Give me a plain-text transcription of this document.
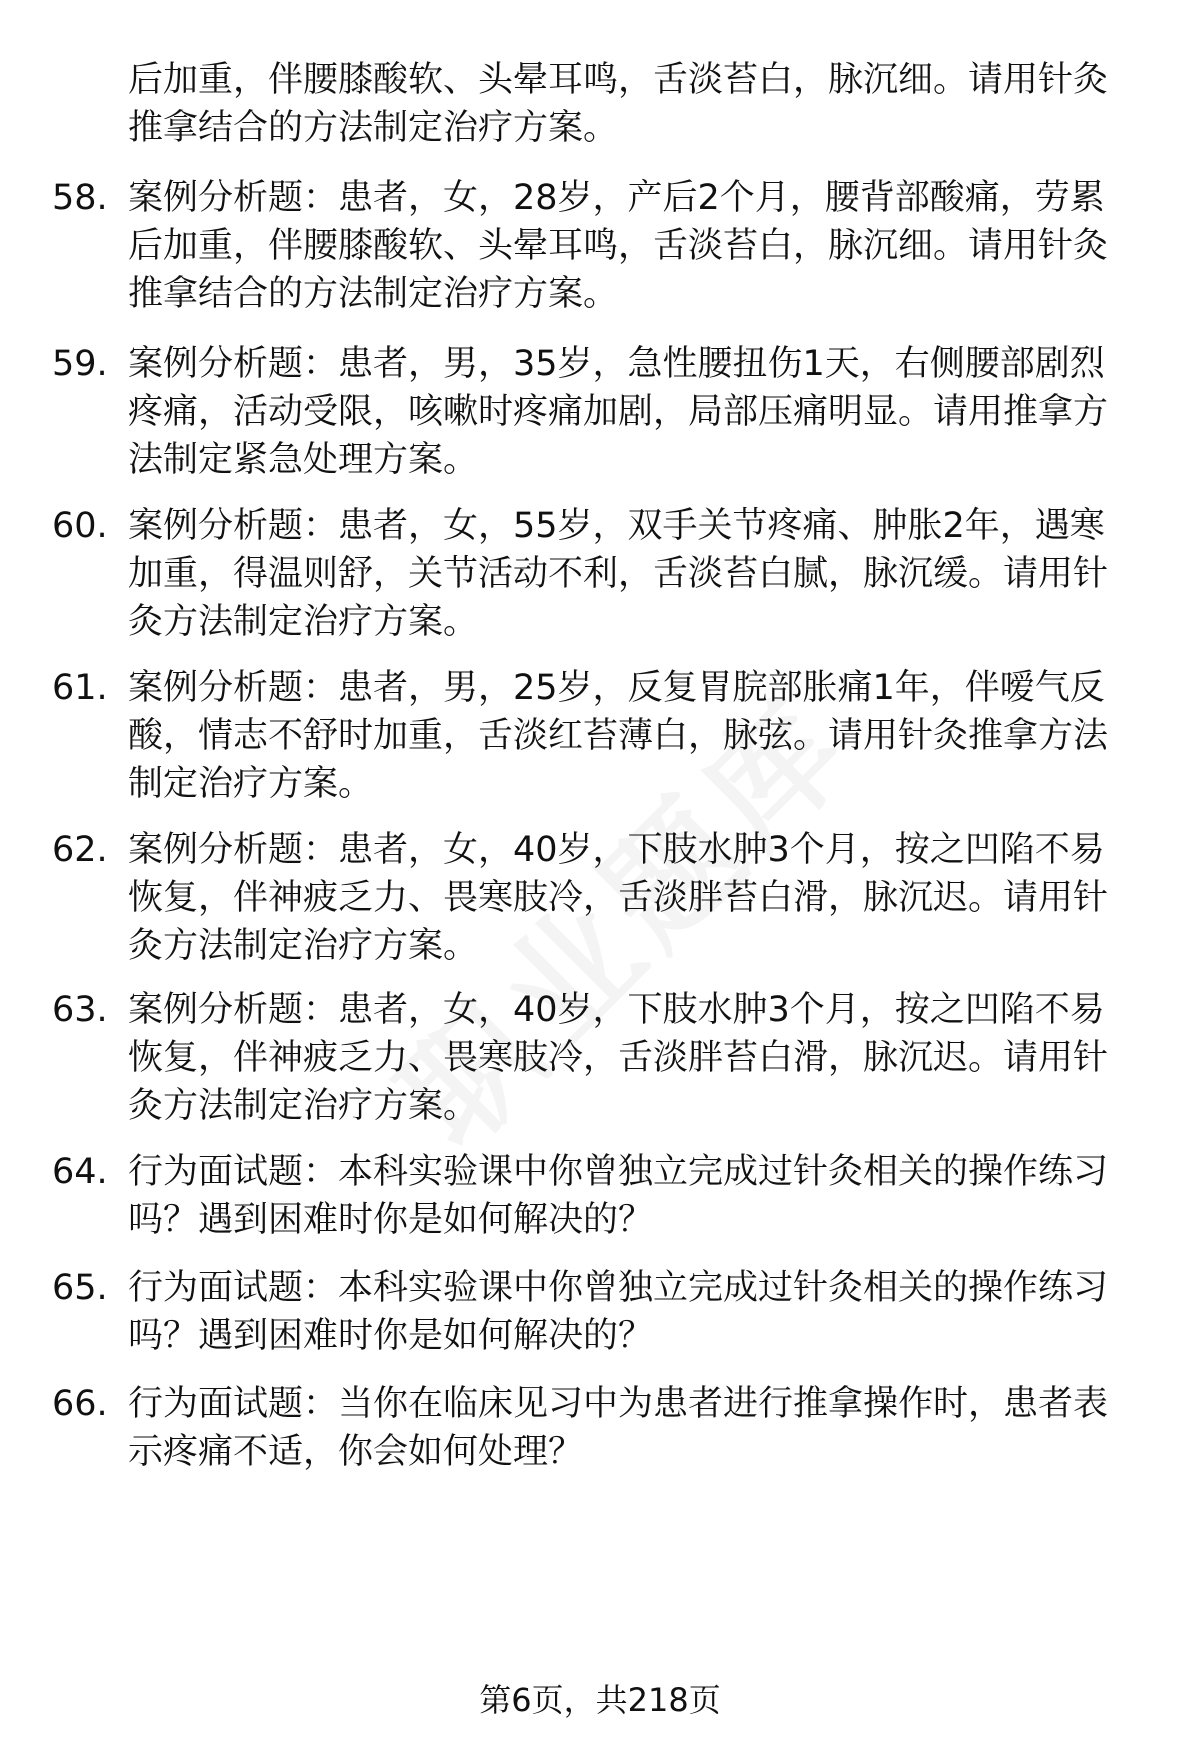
后加重，伴腰膝酸软、头晕耳鸣，舌淡苔白，脉沉细。请用针灸推拿结合的方法制定治疗方案。
58. 案例分析题：患者，女，28岁，产后2个月，腰背部酸痛，劳累后加重，伴腰膝酸软、头晕耳鸣，舌淡苔白，脉沉细。请用针灸推拿结合的方法制定治疗方案。
59. 案例分析题：患者，男，35岁，急性腰扭伤1天，右侧腰部剧烈疼痛，活动受限，咳嗽时疼痛加剧，局部压痛明显。请用推拿方法制定紧急处理方案。
60. 案例分析题：患者，女，55岁，双手关节疼痛、肿胀2年，遇寒加重，得温则舒，关节活动不利，舌淡苔白腻，脉沉缓。请用针灸方法制定治疗方案。
61. 案例分析题：患者，男，25岁，反复胃脘部胀痛1年，伴嗳气反酸，情志不舒时加重，舌淡红苔薄白，脉弦。请用针灸推拿方法制定治疗方案。
62. 案例分析题：患者，女，40岁，下肢水肿3个月，按之凹陷不易恢复，伴神疲乏力、畏寒肢冷，舌淡胖苔白滑，脉沉迟。请用针灸方法制定治疗方案。
63. 案例分析题：患者，女，40岁，下肢水肿3个月，按之凹陷不易恢复，伴神疲乏力、畏寒肢冷，舌淡胖苔白滑，脉沉迟。请用针灸方法制定治疗方案。
64. 行为面试题：本科实验课中你曾独立完成过针灸相关的操作练习吗？遇到困难时你是如何解决的？
65. 行为面试题：本科实验课中你曾独立完成过针灸相关的操作练习吗？遇到困难时你是如何解决的？
66. 行为面试题：当你在临床见习中为患者进行推拿操作时，患者表示疼痛不适，你会如何处理？
第6页，共218页
